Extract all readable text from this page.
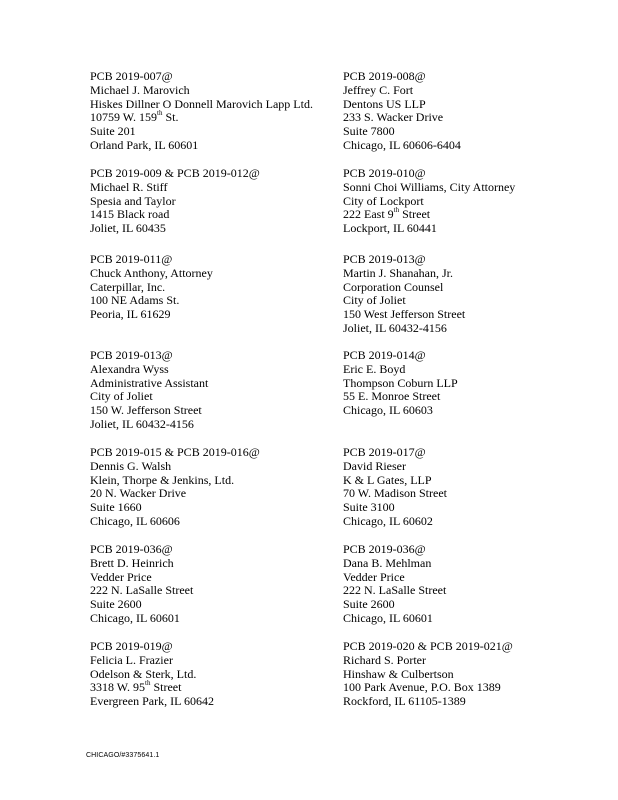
PCB 2019-007@
Michael J. Marovich
Hiskes Dillner O Donnell Marovich Lapp Ltd.
10759 W. 159th St.
Suite 201
Orland Park, IL 60601
PCB 2019-009 & PCB 2019-012@
Michael R. Stiff
Spesia and Taylor
1415 Black road
Joliet, IL 60435
PCB 2019-011@
Chuck Anthony, Attorney
Caterpillar, Inc.
100 NE Adams St.
Peoria, IL 61629
PCB 2019-013@
Alexandra Wyss
Administrative Assistant
City of Joliet
150 W. Jefferson Street
Joliet, IL 60432-4156
PCB 2019-015 & PCB 2019-016@
Dennis G. Walsh
Klein, Thorpe & Jenkins, Ltd.
20 N. Wacker Drive
Suite 1660
Chicago, IL 60606
PCB 2019-036@
Brett D. Heinrich
Vedder Price
222 N. LaSalle Street
Suite 2600
Chicago, IL 60601
PCB 2019-019@
Felicia L. Frazier
Odelson & Sterk, Ltd.
3318 W. 95th Street
Evergreen Park, IL 60642
PCB 2019-008@
Jeffrey C. Fort
Dentons US LLP
233 S. Wacker Drive
Suite 7800
Chicago, IL 60606-6404
PCB 2019-010@
Sonni Choi Williams, City Attorney
City of Lockport
222 East 9th Street
Lockport, IL 60441
PCB 2019-013@
Martin J. Shanahan, Jr.
Corporation Counsel
City of Joliet
150 West Jefferson Street
Joliet, IL 60432-4156
PCB 2019-014@
Eric E. Boyd
Thompson Coburn LLP
55 E. Monroe Street
Chicago, IL 60603
PCB 2019-017@
David Rieser
K & L Gates, LLP
70 W. Madison Street
Suite 3100
Chicago, IL 60602
PCB 2019-036@
Dana B. Mehlman
Vedder Price
222 N. LaSalle Street
Suite 2600
Chicago, IL 60601
PCB 2019-020 & PCB 2019-021@
Richard S. Porter
Hinshaw & Culbertson
100 Park Avenue, P.O. Box 1389
Rockford, IL 61105-1389
CHICAGO/#3375641.1
